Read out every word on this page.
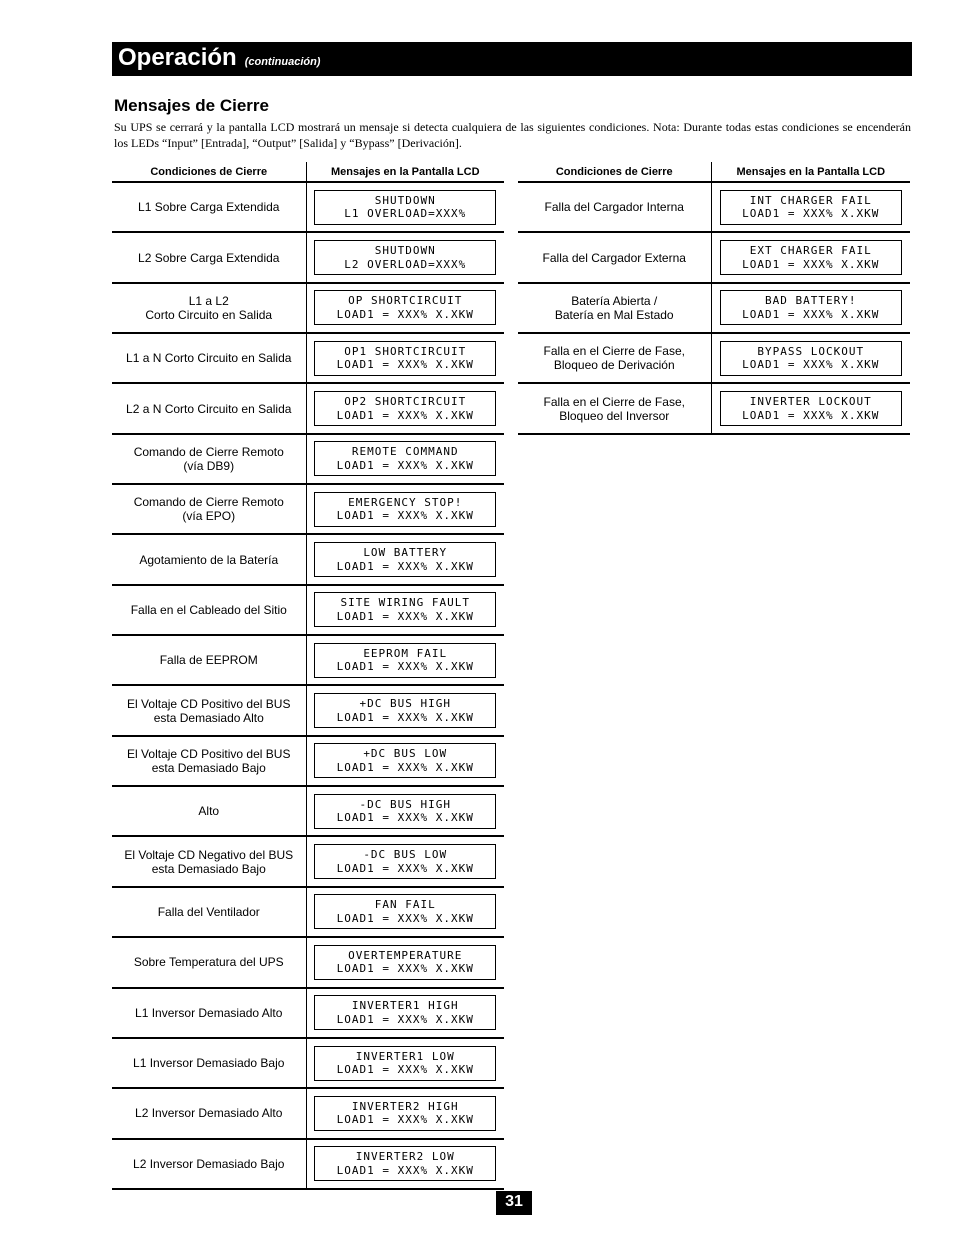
Operación (continuación)
Mensajes de Cierre
Su UPS se cerrará y la pantalla LCD mostrará un mensaje si detecta cualquiera de las siguientes condiciones. Nota: Durante todas estas condiciones se encenderán los LEDs “Input” [Entrada], “Output” [Salida] y “Bypass” [Derivación].
Condiciones de Cierre	Mensajes en la Pantalla LCD
L1 Sobre Carga Extendida	SHUTDOWN
L1 OVERLOAD=XXX%

L2 Sobre Carga Extendida	SHUTDOWN
L2 OVERLOAD=XXX%

L1 a L2
Corto Circuito en Salida	OP SHORTCIRCUIT
LOAD1 = XXX% X.XKW

L1 a N Corto Circuito en Salida	OP1 SHORTCIRCUIT
LOAD1 = XXX% X.XKW

L2 a N Corto Circuito en Salida	OP2 SHORTCIRCUIT
LOAD1 = XXX% X.XKW

Comando de Cierre Remoto
(vía DB9)	REMOTE COMMAND
LOAD1 = XXX% X.XKW

Comando de Cierre Remoto
(vía EPO)	EMERGENCY STOP!
LOAD1 = XXX% X.XKW

Agotamiento de la Batería	LOW BATTERY
LOAD1 = XXX% X.XKW

Falla en el Cableado del Sitio	SITE WIRING FAULT
LOAD1 = XXX% X.XKW

Falla de EEPROM	EEPROM FAIL
LOAD1 = XXX% X.XKW

El Voltaje CD Positivo del BUS
esta Demasiado Alto	+DC BUS HIGH
LOAD1 = XXX% X.XKW

El Voltaje CD Positivo del BUS
esta Demasiado Bajo	+DC BUS LOW
LOAD1 = XXX% X.XKW

Alto	-DC BUS HIGH
LOAD1 = XXX% X.XKW

El Voltaje CD Negativo del BUS
esta Demasiado Bajo	-DC BUS LOW
LOAD1 = XXX% X.XKW

Falla del Ventilador	FAN FAIL
LOAD1 = XXX% X.XKW

Sobre Temperatura del UPS	OVERTEMPERATURE
LOAD1 = XXX% X.XKW

L1 Inversor Demasiado Alto	INVERTER1 HIGH
LOAD1 = XXX% X.XKW

L1 Inversor Demasiado Bajo	INVERTER1 LOW
LOAD1 = XXX% X.XKW

L2 Inversor Demasiado Alto	INVERTER2 HIGH
LOAD1 = XXX% X.XKW

L2 Inversor Demasiado Bajo	INVERTER2 LOW
LOAD1 = XXX% X.XKW
Condiciones de Cierre	Mensajes en la Pantalla LCD
Falla del Cargador Interna	INT CHARGER FAIL
LOAD1 = XXX% X.XKW

Falla del Cargador Externa	EXT CHARGER FAIL
LOAD1 = XXX% X.XKW

Batería Abierta /
Batería en Mal Estado	BAD BATTERY!
LOAD1 = XXX% X.XKW

Falla en el Cierre de Fase,
Bloqueo de Derivación	BYPASS LOCKOUT
LOAD1 = XXX% X.XKW

Falla en el Cierre de Fase,
Bloqueo del Inversor	INVERTER LOCKOUT
LOAD1 = XXX% X.XKW
31
